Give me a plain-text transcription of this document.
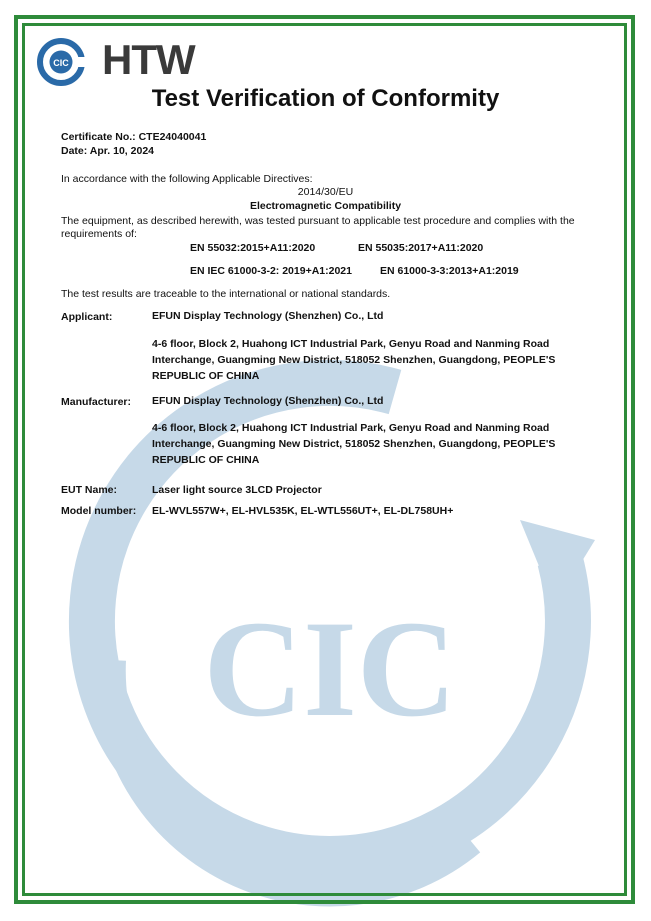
CIC
CIC HTW
Test Verification of Conformity
Certificate No.: CTE24040041
Date: Apr. 10, 2024
In accordance with the following Applicable Directives:
2014/30/EU
Electromagnetic Compatibility
The equipment, as described herewith, was tested pursuant to applicable test procedure and complies with the
requirements of:
EN 55032:2015+A11:2020	EN 55035:2017+A11:2020
EN IEC 61000-3-2: 2019+A1:2021	EN 61000-3-3:2013+A1:2019
The test results are traceable to the international or national standards.
Applicant:	EFUN Display Technology (Shenzhen) Co., Ltd
4-6 floor, Block 2, Huahong ICT Industrial Park, Genyu Road and Nanming Road Interchange, Guangming New District, 518052 Shenzhen, Guangdong, PEOPLE'S REPUBLIC OF CHINA
Manufacturer: EFUN Display Technology (Shenzhen) Co., Ltd
4-6 floor, Block 2, Huahong ICT Industrial Park, Genyu Road and Nanming Road Interchange, Guangming New District, 518052 Shenzhen, Guangdong, PEOPLE'S REPUBLIC OF CHINA
EUT Name:	Laser light source 3LCD Projector
Model number: EL-WVL557W+, EL-HVL535K, EL-WTL556UT+, EL-DL758UH+
